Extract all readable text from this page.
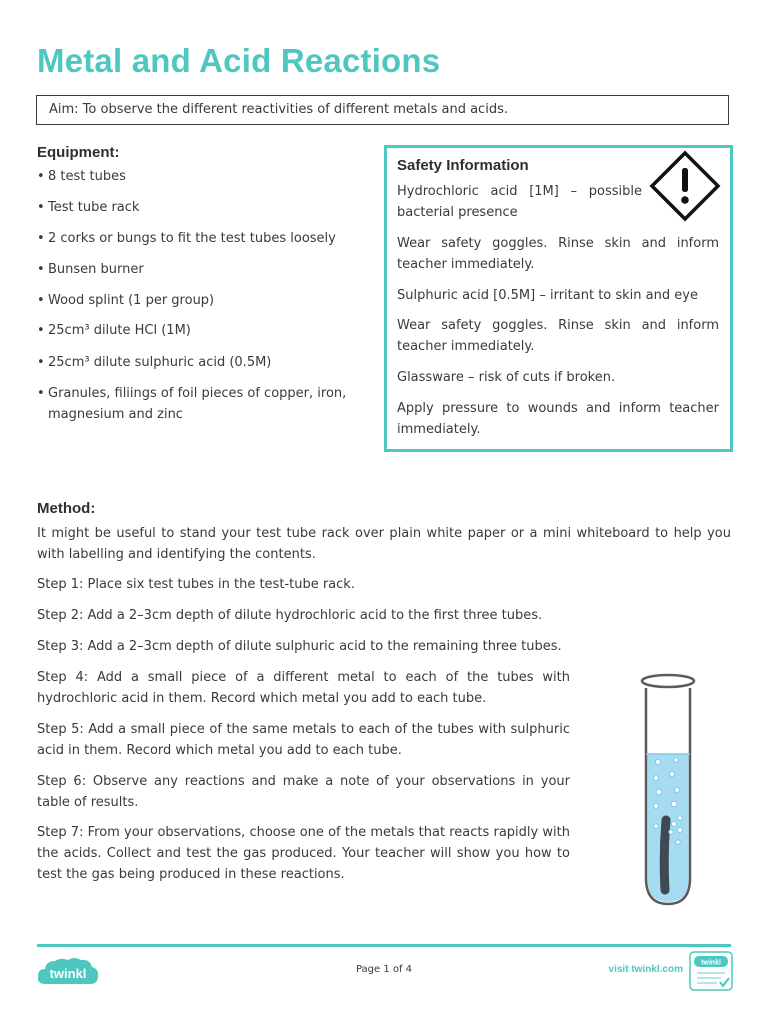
Metal and Acid Reactions
Aim: To observe the different reactivities of different metals and acids.
Equipment:
• 8 test tubes
• Test tube rack
• 2 corks or bungs to fit the test tubes loosely
• Bunsen burner
• Wood splint (1 per group)
• 25cm³ dilute HCl (1M)
• 25cm³ dilute sulphuric acid (0.5M)
• Granules, filiings of foil pieces of copper, iron, magnesium and zinc
Safety Information
Hydrochloric acid [1M] – possible bacterial presence
Wear safety goggles. Rinse skin and inform teacher immediately.
Sulphuric acid [0.5M] – irritant to skin and eye
Wear safety goggles. Rinse skin and inform teacher immediately.
Glassware – risk of cuts if broken.
Apply pressure to wounds and inform teacher immediately.
Method:

It might be useful to stand your test tube rack over plain white paper or a mini whiteboard to help you with labelling and identifying the contents.

Step 1: Place six test tubes in the test-tube rack.

Step 2: Add a 2–3cm depth of dilute hydrochloric acid to the first three tubes.

Step 3: Add a 2–3cm depth of dilute sulphuric acid to the remaining three tubes.

Step 4: Add a small piece of a different metal to each of the tubes with hydrochloric acid in them. Record which metal you add to each tube.

Step 5: Add a small piece of the same metals to each of the tubes with sulphuric acid in them. Record which metal you add to each tube.

Step 6: Observe any reactions and make a note of your observations in your table of results.

Step 7: From your observations, choose one of the metals that reacts rapidly with the acids. Collect and test the gas produced. Your teacher will show you how to test the gas being produced in these reactions.

twinkl	Page 1 of 4	visit twinkl.com
twinkl
